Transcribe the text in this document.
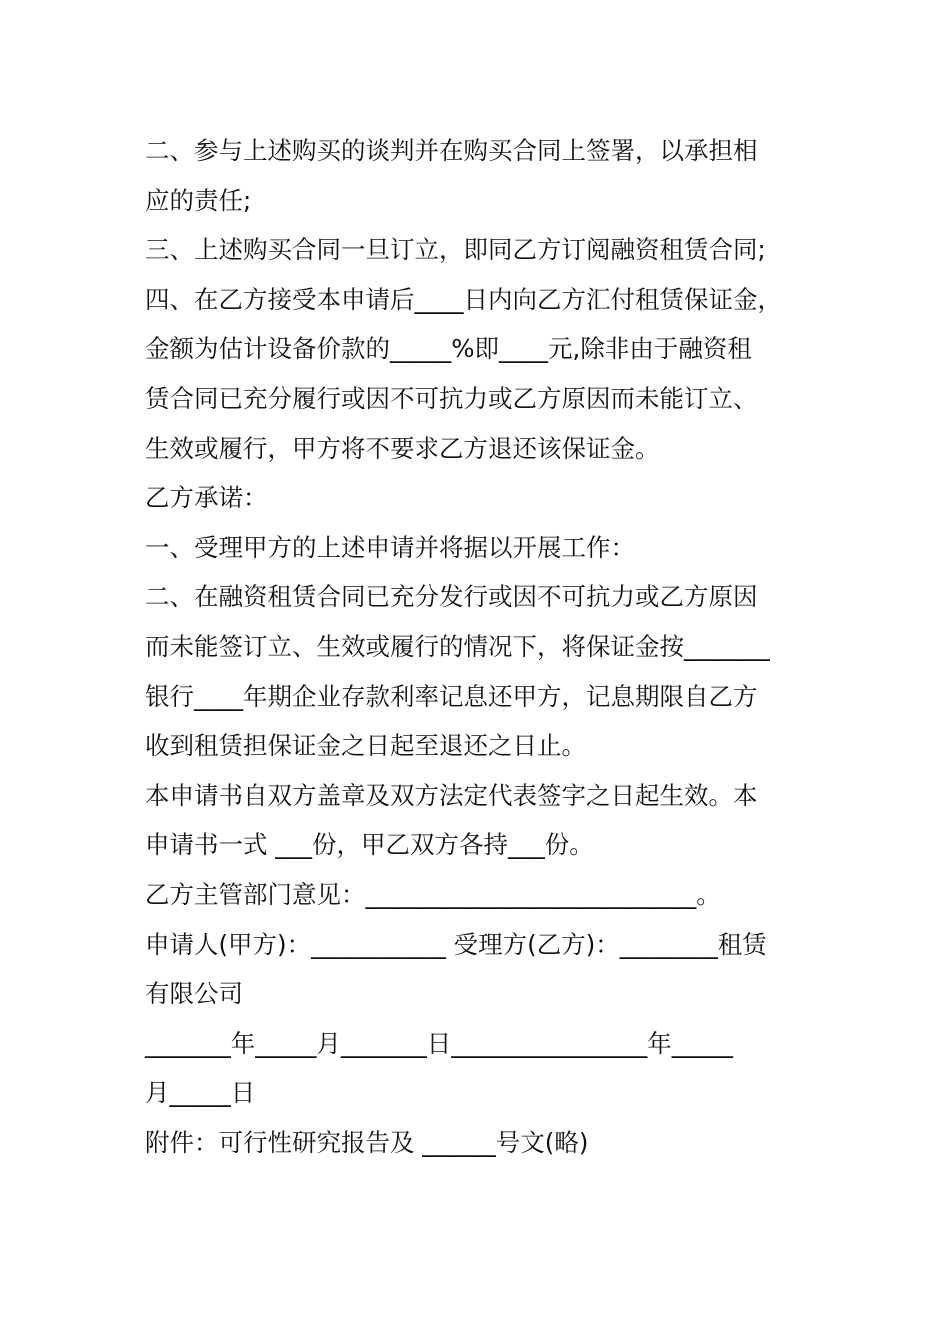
二、参与上述购买的谈判并在购买合同上签署，以承担相
应的责任;
三、上述购买合同一旦订立，即同乙方订阅融资租赁合同;
四、在乙方接受本申请后____日内向乙方汇付租赁保证金，
金额为估计设备价款的_____%即____元,除非由于融资租
赁合同已充分履行或因不可抗力或乙方原因而未能订立、
生效或履行，甲方将不要求乙方退还该保证金。
乙方承诺：
一、受理甲方的上述申请并将据以开展工作：
二、在融资租赁合同已充分发行或因不可抗力或乙方原因
而未能签订立、生效或履行的情况下，将保证金按_______
银行____年期企业存款利率记息还甲方，记息期限自乙方
收到租赁担保证金之日起至退还之日止。
本申请书自双方盖章及双方法定代表签字之日起生效。本
申请书一式 ___份，甲乙双方各持___份。
乙方主管部门意见：___________________________。
申请人(甲方)：___________ 受理方(乙方)：________租赁
有限公司
_______年_____月_______日________________年_____
月_____日
附件：可行性研究报告及 ______号文(略)
